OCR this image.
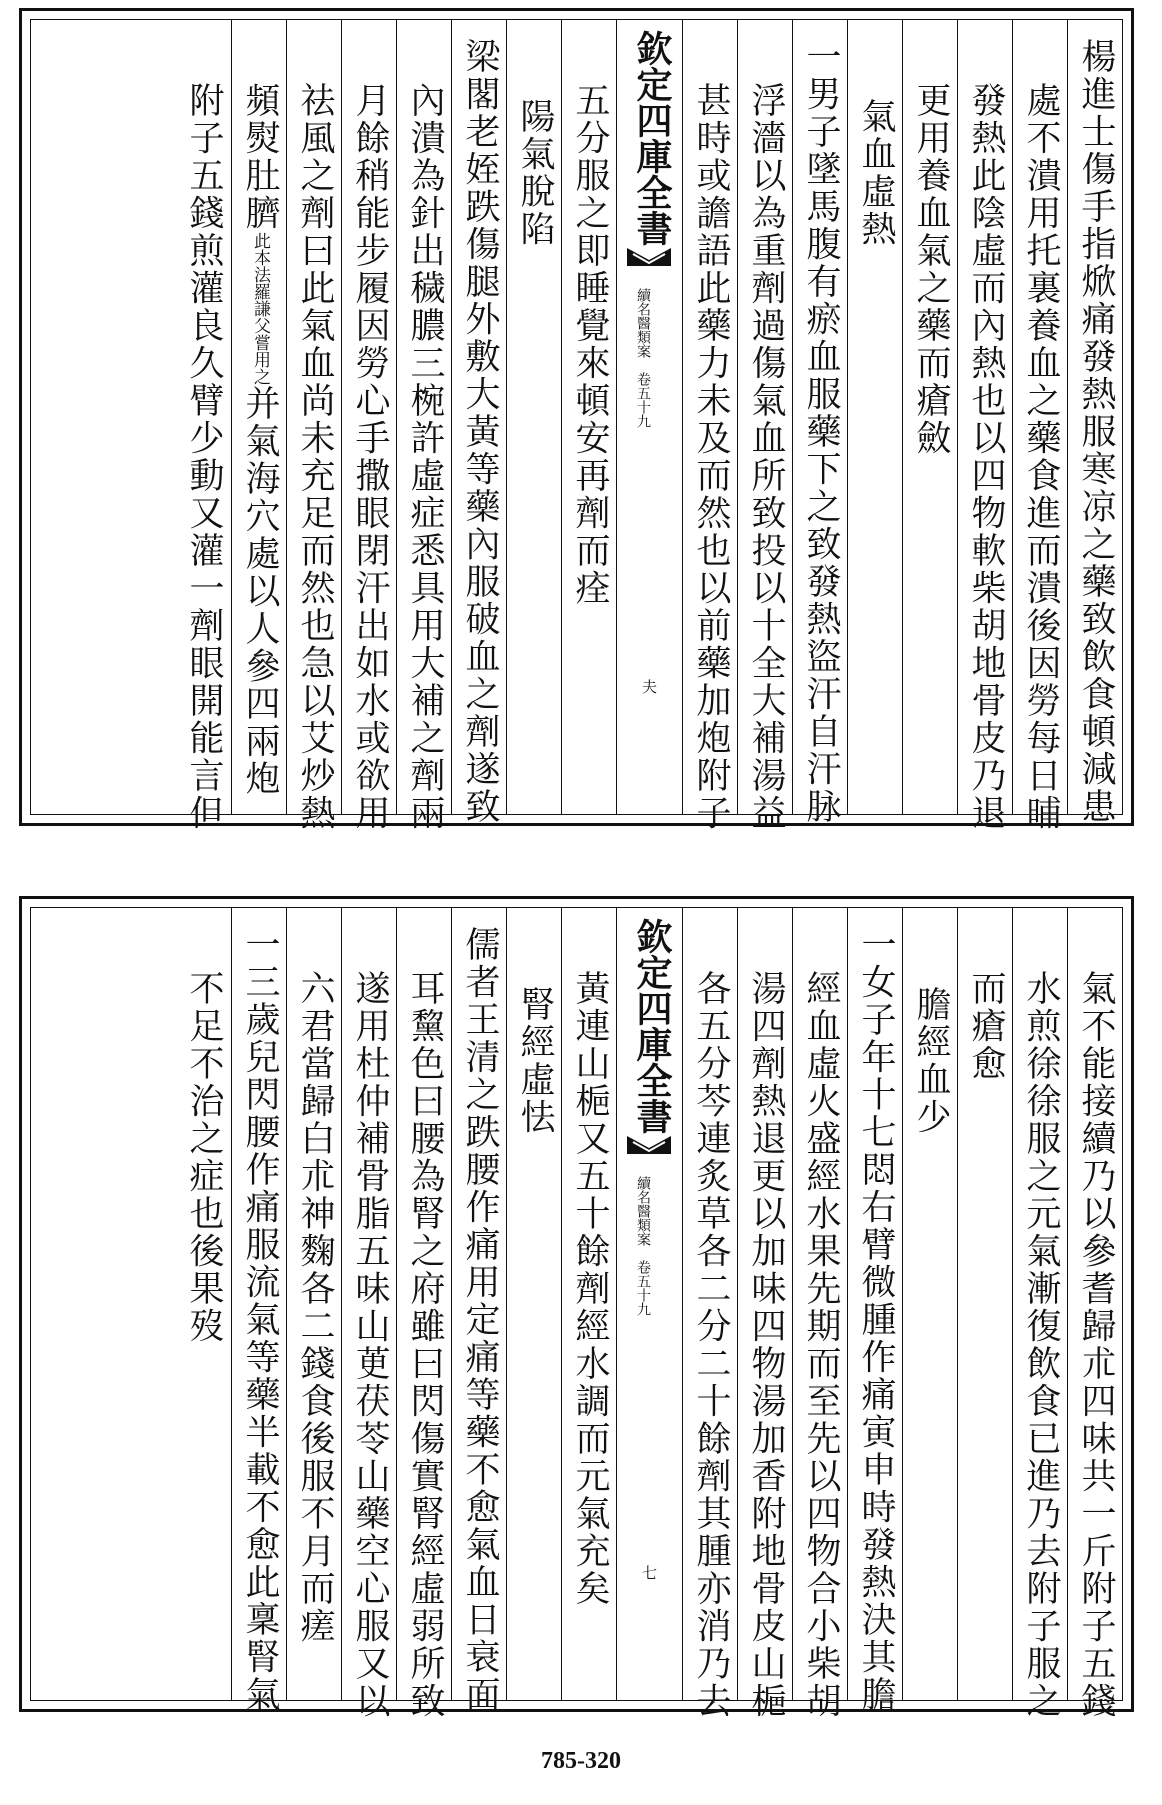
楊進士傷手指焮痛發熱服寒凉之藥致飲食頓減患
處不潰用托裏養血之藥食進而潰後因勞每日晡
發熱此陰虛而內熱也以四物軟柴胡地骨皮乃退
更用養血氣之藥而瘡斂
氣血虛熱
一男子墜馬腹有瘀血服藥下之致發熱盜汗自汗脉
浮濇以為重劑過傷氣血所致投以十全大補湯益
甚時或譫語此藥力未及而然也以前藥加炮附子
欽定四庫全書
續名醫類案　卷五十九
夫
五分服之即睡覺來頓安再劑而痊
陽氣脫陷
梁閣老姪跌傷腿外敷大黃等藥內服破血之劑遂致
內潰為針出穢膿三椀許虛症悉具用大補之劑兩
月餘稍能步履因勞心手撒眼閉汗出如水或欲用
祛風之劑曰此氣血尚未充足而然也急以艾炒熱
頻熨肚臍此本法羅謙父嘗用之并氣海穴處以人參四兩炮
附子五錢煎灌良久臂少動又灌一劑眼開能言但
氣不能接續乃以參耆歸朮四味共一斤附子五錢
水煎徐徐服之元氣漸復飲食已進乃去附子服之
而瘡愈
膽經血少
一女子年十七悶右臂微腫作痛寅申時發熱決其膽
經血虛火盛經水果先期而至先以四物合小柴胡
湯四劑熱退更以加味四物湯加香附地骨皮山梔
各五分芩連炙草各二分二十餘劑其腫亦消乃去
欽定四庫全書
續名醫類案　卷五十九
七
黃連山梔又五十餘劑經水調而元氣充矣
腎經虛怯
儒者王清之跌腰作痛用定痛等藥不愈氣血日衰面
耳黧色曰腰為腎之府雖曰閃傷實腎經虛弱所致
遂用杜仲補骨脂五味山茰茯苓山藥空心服又以
六君當歸白朮神麴各二錢食後服不月而瘥
一三歲兒閃腰作痛服流氣等藥半載不愈此稟腎氣
不足不治之症也後果歿
785-320
